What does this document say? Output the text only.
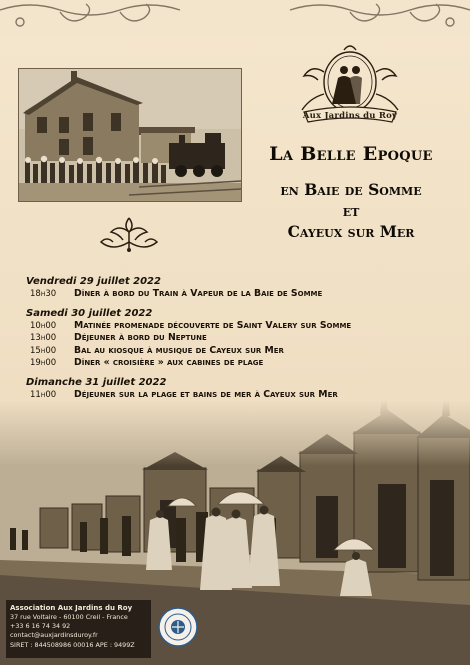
Aux Jardins du Roy
La Belle Epoque
en Baie de Somme
et
Cayeux sur Mer
Vendredi 29 juillet 2022
18h30	Dîner à bord du Train à Vapeur de la Baie de Somme
Samedi 30 juillet 2022
10h00	Matinée promenade découverte de Saint Valery sur Somme
13h00	Déjeuner à bord du Neptune
15h00	Bal au kiosque à musique de Cayeux sur Mer
19h00	Dîner « croisière » aux cabines de plage
Dimanche 31 juillet 2022
11h00	Déjeuner sur la plage et bains de mer à Cayeux sur Mer
Association Aux Jardins du Roy
37 rue Voltaire - 60100 Creil - France
+33 6 16 74 34 92
contact@auxjardinsduroy.fr
SIRET : 844508986 00016 APE : 9499Z
